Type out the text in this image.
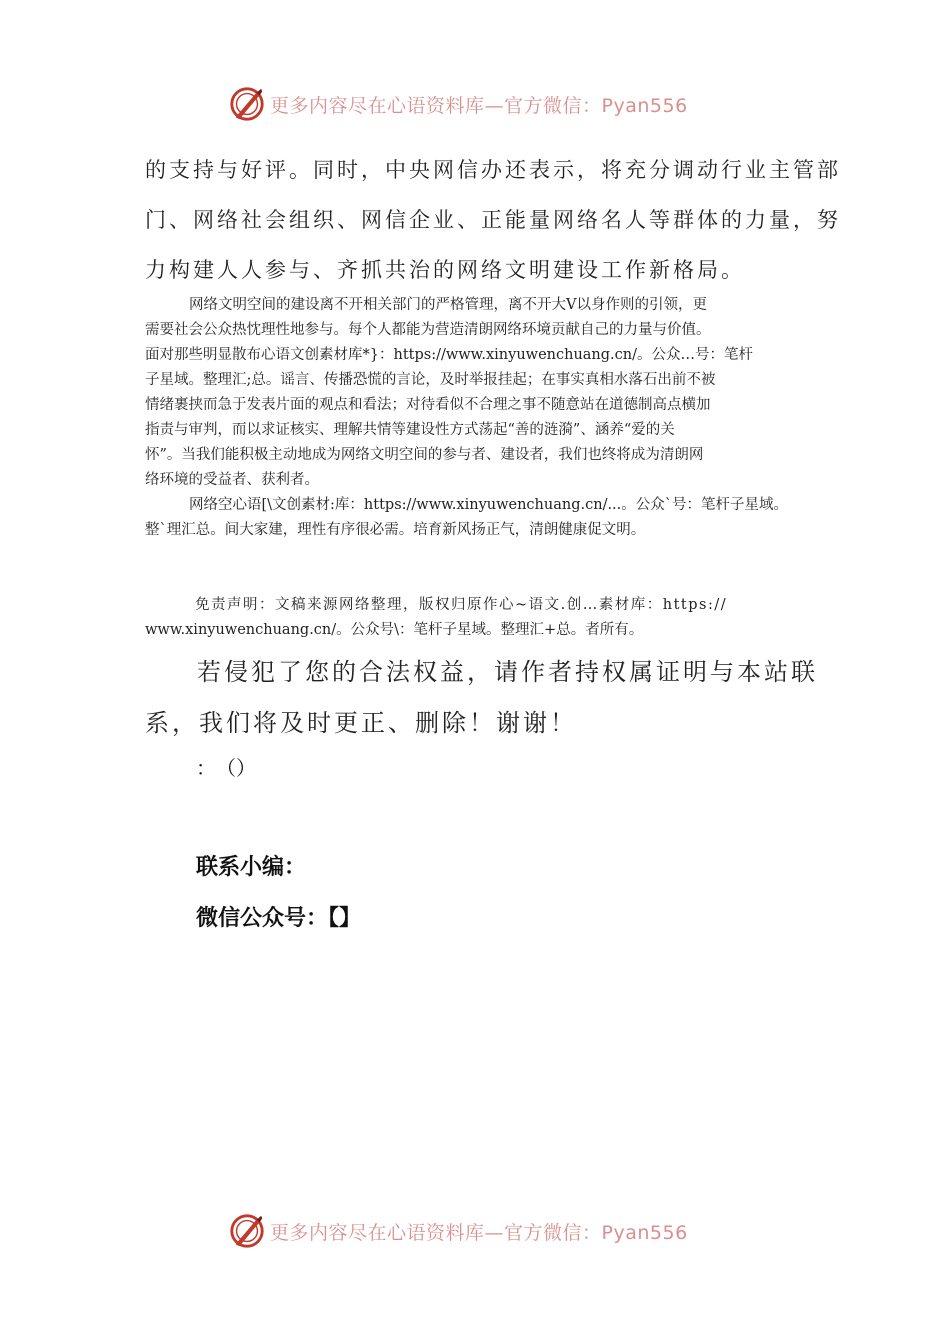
更多内容尽在心语资料库—官方微信：Pyan556
的支持与好评。同时，中央网信办还表示，将充分调动行业主管部
门、网络社会组织、网信企业、正能量网络名人等群体的力量，努
力构建人人参与、齐抓共治的网络文明建设工作新格局。
网络文明空间的建设离不开相关部门的严格管理，离不开大V以身作则的引领，更
需要社会公众热忱理性地参与。每个人都能为营造清朗网络环境贡献自己的力量与价值。
面对那些明显散布心语文创素材库*}：https://www.xinyuwenchuang.cn/。公众…号：笔杆
子星域。整理汇;总。谣言、传播恐慌的言论，及时举报挂起；在事实真相水落石出前不被
情绪裹挟而急于发表片面的观点和看法；对待看似不合理之事不随意站在道德制高点横加
指责与审判，而以求证核实、理解共情等建设性方式荡起“善的涟漪”、涵养“爱的关
怀”。当我们能积极主动地成为网络文明空间的参与者、建设者，我们也终将成为清朗网
络环境的受益者、获利者。
网络空心语[\文创素材:库：https://www.xinyuwenchuang.cn/...。公众`号：笔杆子星域。
整`理汇总。间大家建，理性有序很必需。培育新风扬正气，清朗健康促文明。
免责声明：文稿来源网络整理，版权归原作心~语文.创…素材库：https://
www.xinyuwenchuang.cn/。公众号\：笔杆子星域。整理汇+总。者所有。
若侵犯了您的合法权益，请作者持权属证明与本站联
系，我们将及时更正、删除！谢谢！
：　（）
联系小编：
微信公众号：【】
更多内容尽在心语资料库—官方微信：Pyan556
